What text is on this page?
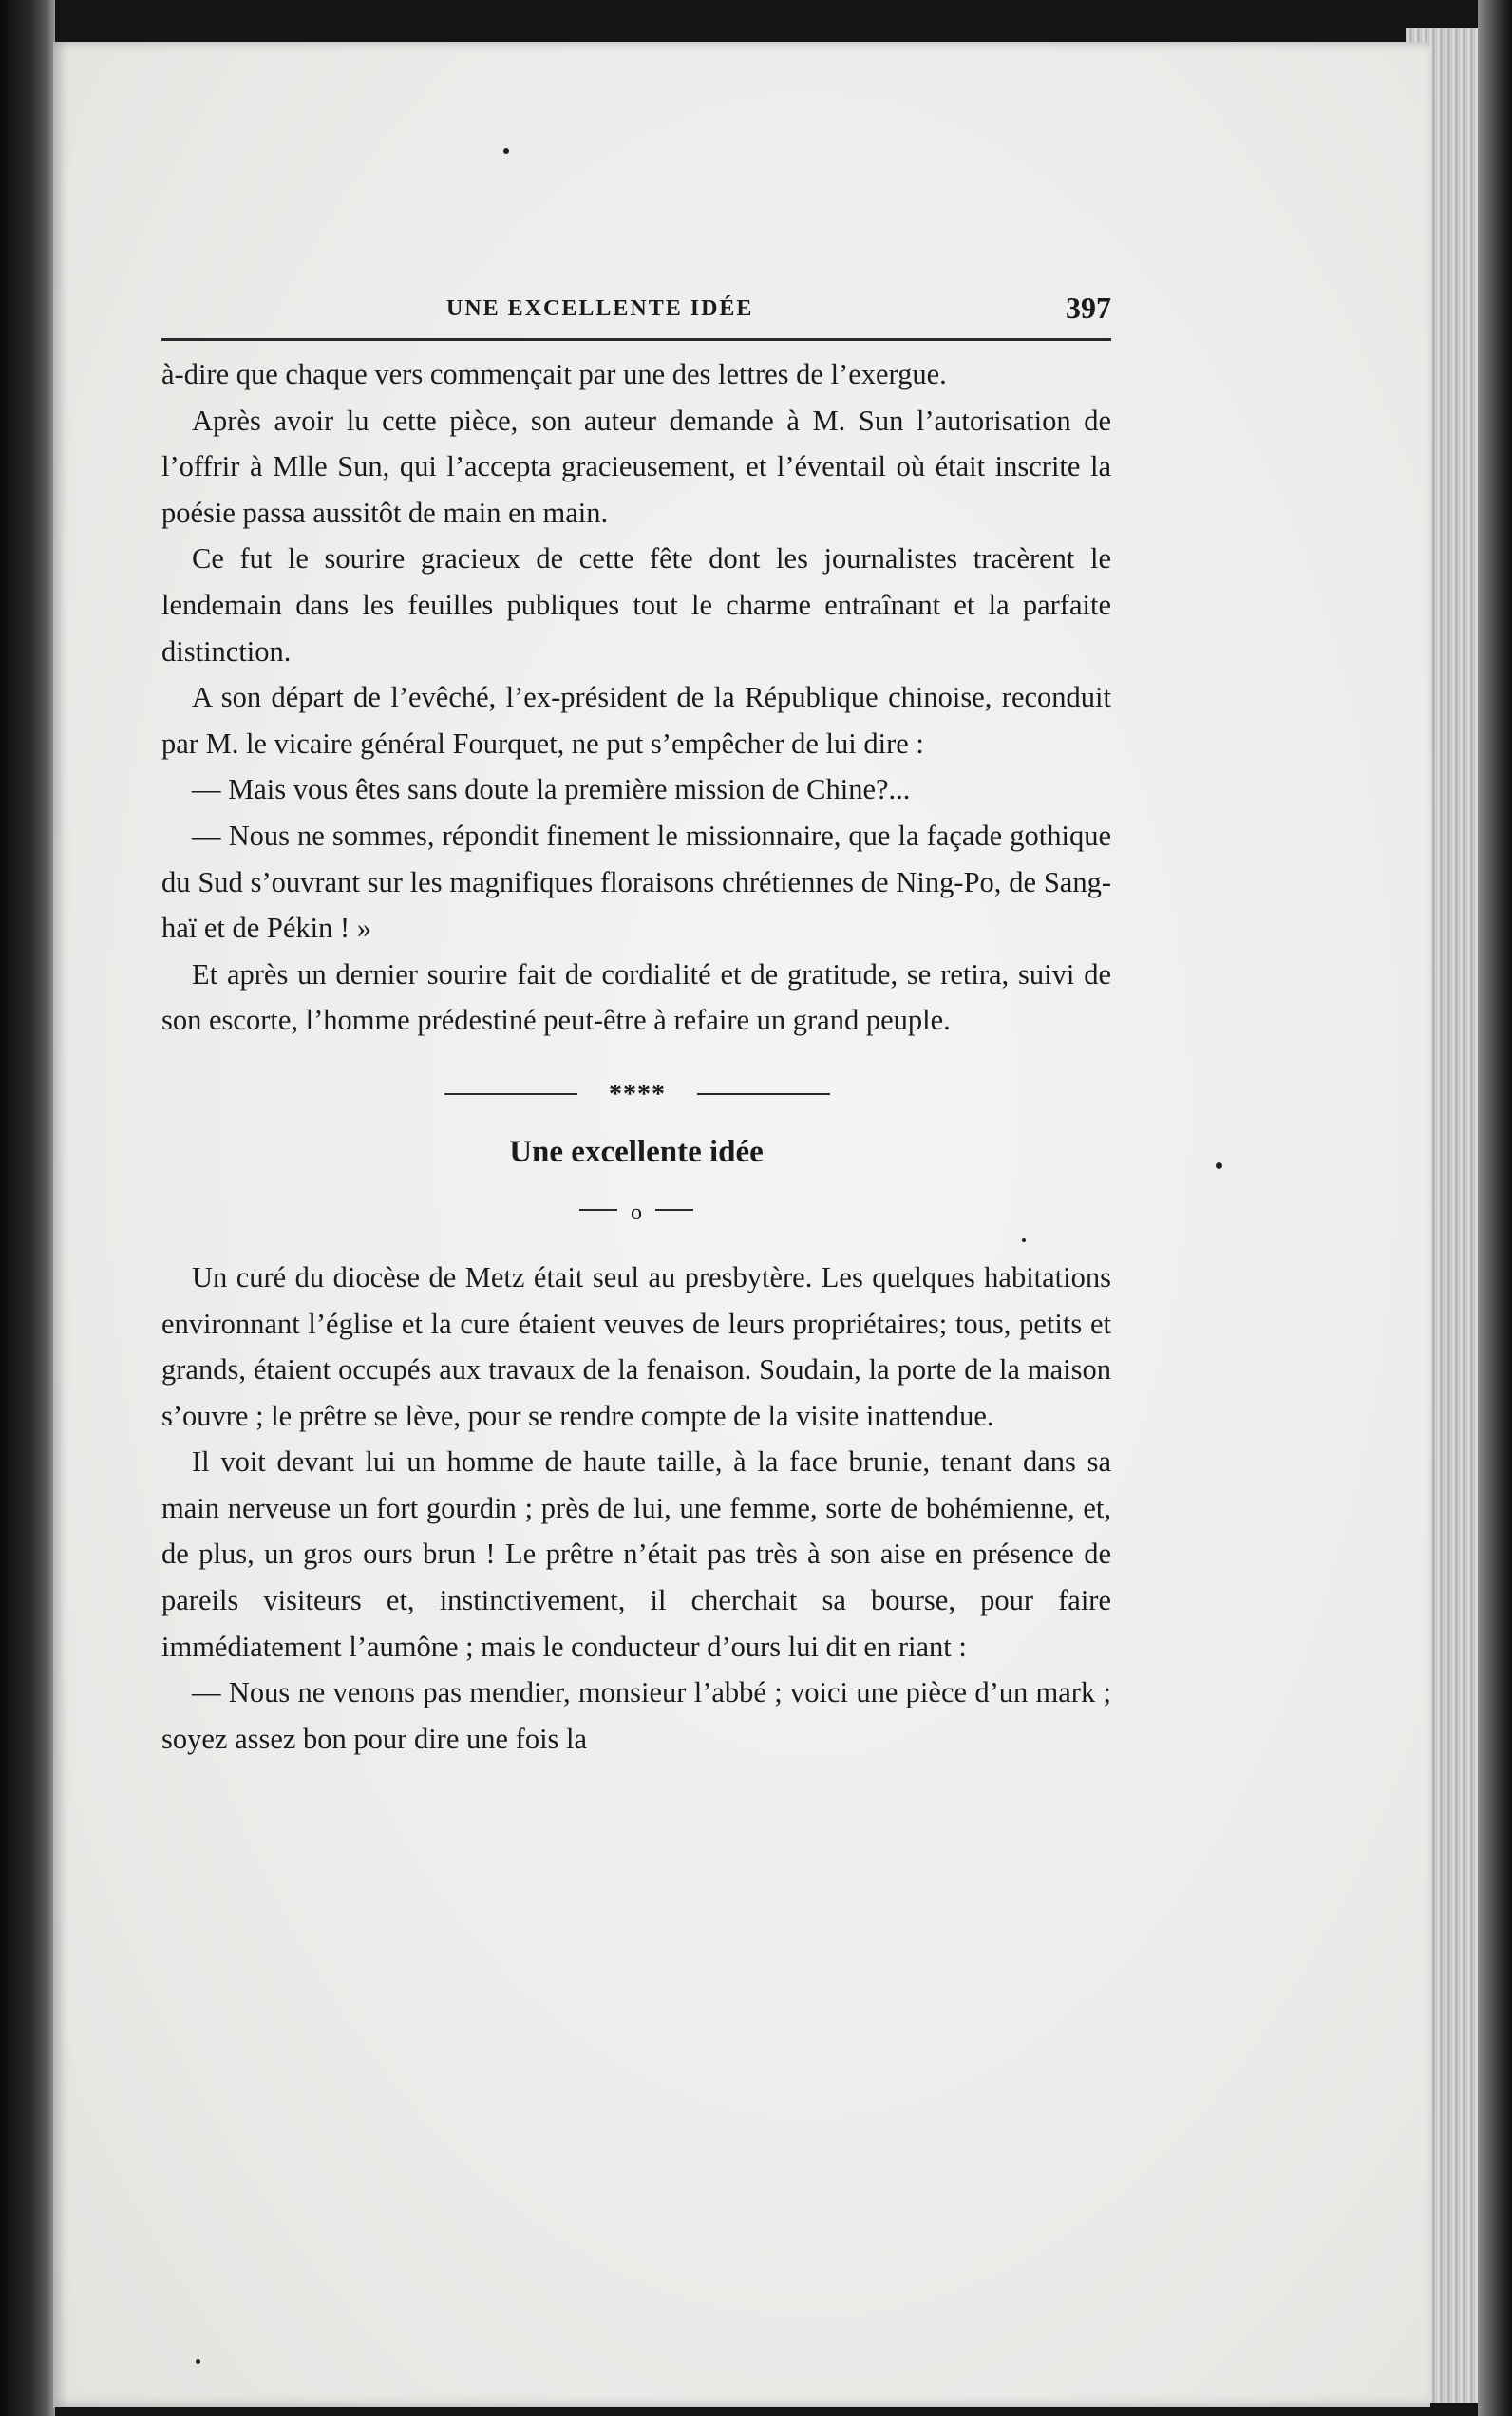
UNE EXCELLENTE IDÉE	397

à-dire que chaque vers commençait par une des lettres de l’exergue.

Après avoir lu cette pièce, son auteur demande à M. Sun l’autorisation de l’offrir à Mlle Sun, qui l’accepta gracieusement, et l’éventail où était inscrite la poésie passa aussitôt de main en main.

Ce fut le sourire gracieux de cette fête dont les journalistes tracèrent le lendemain dans les feuilles publiques tout le charme entraînant et la parfaite distinction.

A son départ de l’evêché, l’ex-président de la République chinoise, reconduit par M. le vicaire général Fourquet, ne put s’empêcher de lui dire :

— Mais vous êtes sans doute la première mission de Chine?...

— Nous ne sommes, répondit finement le missionnaire, que la façade gothique du Sud s’ouvrant sur les magnifiques floraisons chrétiennes de Ning-Po, de Sang-haï et de Pékin ! »

Et après un dernier sourire fait de cordialité et de gratitude, se retira, suivi de son escorte, l’homme prédestiné peut-être à refaire un grand peuple.

****
Une excellente idée
o

Un curé du diocèse de Metz était seul au presbytère. Les quelques habitations environnant l’église et la cure étaient veuves de leurs propriétaires; tous, petits et grands, étaient occupés aux travaux de la fenaison. Soudain, la porte de la maison s’ouvre ; le prêtre se lève, pour se rendre compte de la visite inattendue.

Il voit devant lui un homme de haute taille, à la face brunie, tenant dans sa main nerveuse un fort gourdin ; près de lui, une femme, sorte de bohémienne, et, de plus, un gros ours brun ! Le prêtre n’était pas très à son aise en présence de pareils visiteurs et, instinctivement, il cherchait sa bourse, pour faire immédiatement l’aumône ; mais le conducteur d’ours lui dit en riant :

— Nous ne venons pas mendier, monsieur l’abbé ; voici une pièce d’un mark ; soyez assez bon pour dire une fois la
